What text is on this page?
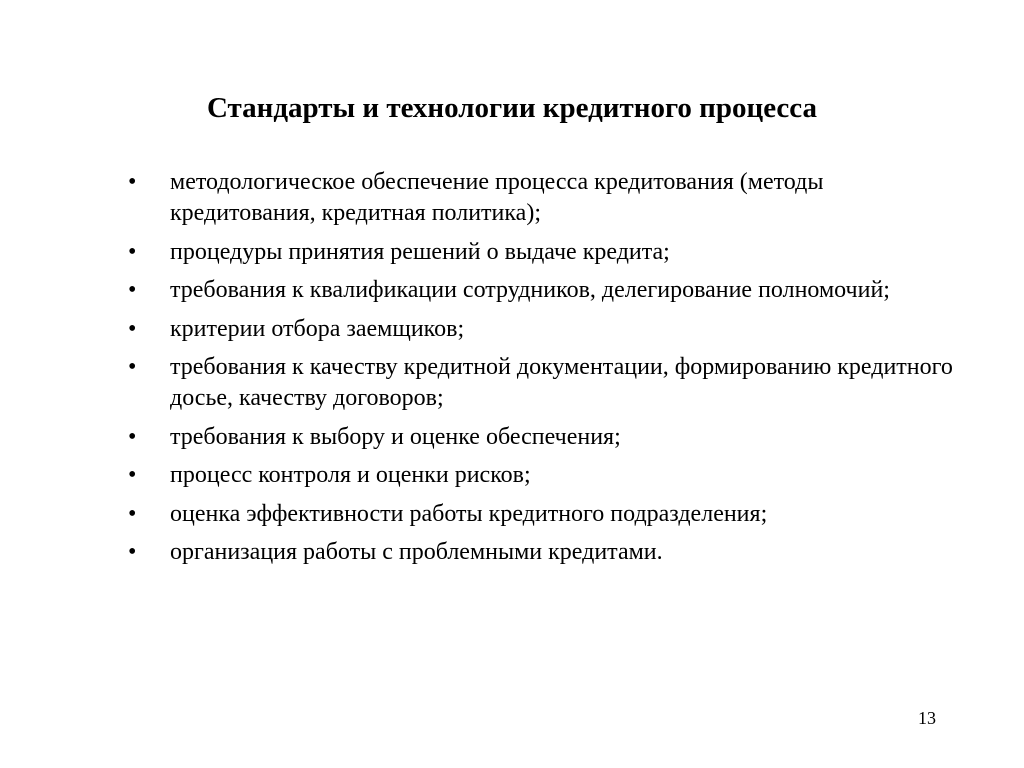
Стандарты и технологии кредитного процесса
•	методологическое обеспечение процесса кредитования (методы кредитования, кредитная политика);
•	процедуры принятия решений о выдаче кредита;
•	требования к квалификации сотрудников, делегирование полномочий;
•	критерии отбора заемщиков;
•	требования к качеству кредитной документации, формированию кредитного досье, качеству договоров;
•	требования к выбору и оценке обеспечения;
•	процесс контроля и оценки рисков;
•	оценка эффективности работы кредитного подразделения;
•	организация работы с проблемными кредитами.
13
